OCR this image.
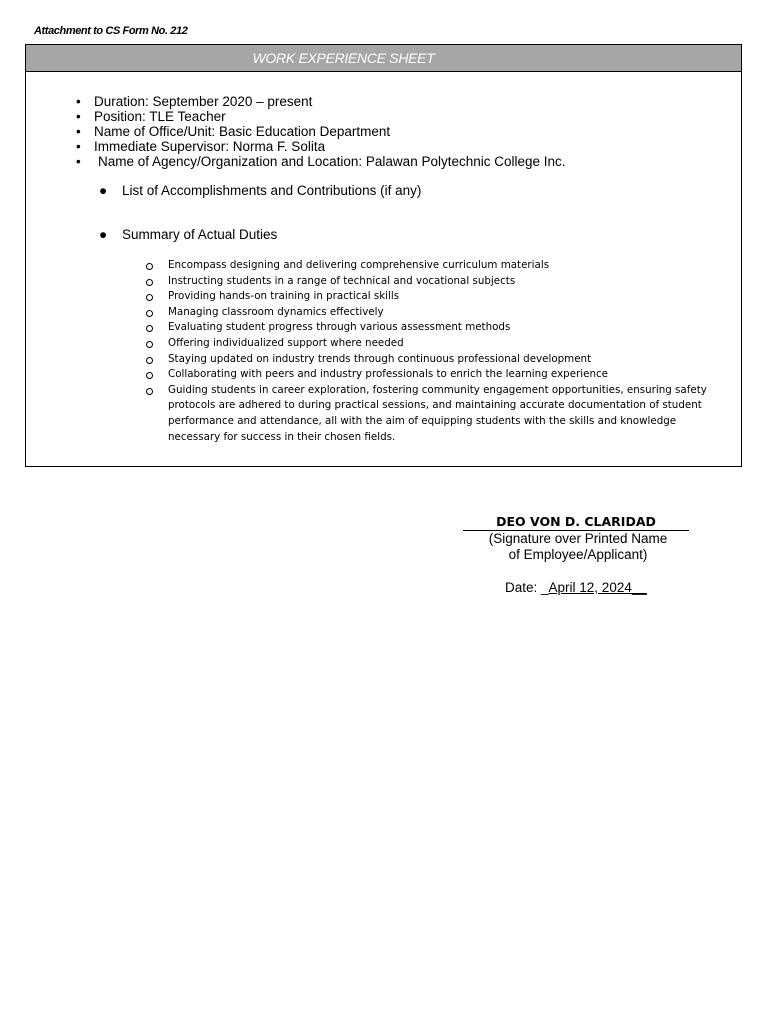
Attachment to CS Form No. 212
WORK EXPERIENCE SHEET
• Duration: September 2020 – present
• Position: TLE Teacher
• Name of Office/Unit: Basic Education Department
• Immediate Supervisor: Norma F. Solita
• Name of Agency/Organization and Location: Palawan Polytechnic College Inc.
● List of Accomplishments and Contributions (if any)
● Summary of Actual Duties
Encompass designing and delivering comprehensive curriculum materials
Instructing students in a range of technical and vocational subjects
Providing hands-on training in practical skills
Managing classroom dynamics effectively
Evaluating student progress through various assessment methods
Offering individualized support where needed
Staying updated on industry trends through continuous professional development
Collaborating with peers and industry professionals to enrich the learning experience
Guiding students in career exploration, fostering community engagement opportunities, ensuring safety protocols are adhered to during practical sessions, and maintaining accurate documentation of student performance and attendance, all with the aim of equipping students with the skills and knowledge necessary for success in their chosen fields.
DEO VON D. CLARIDAD
(Signature over Printed Name
of Employee/Applicant)
Date: _April 12, 2024__
